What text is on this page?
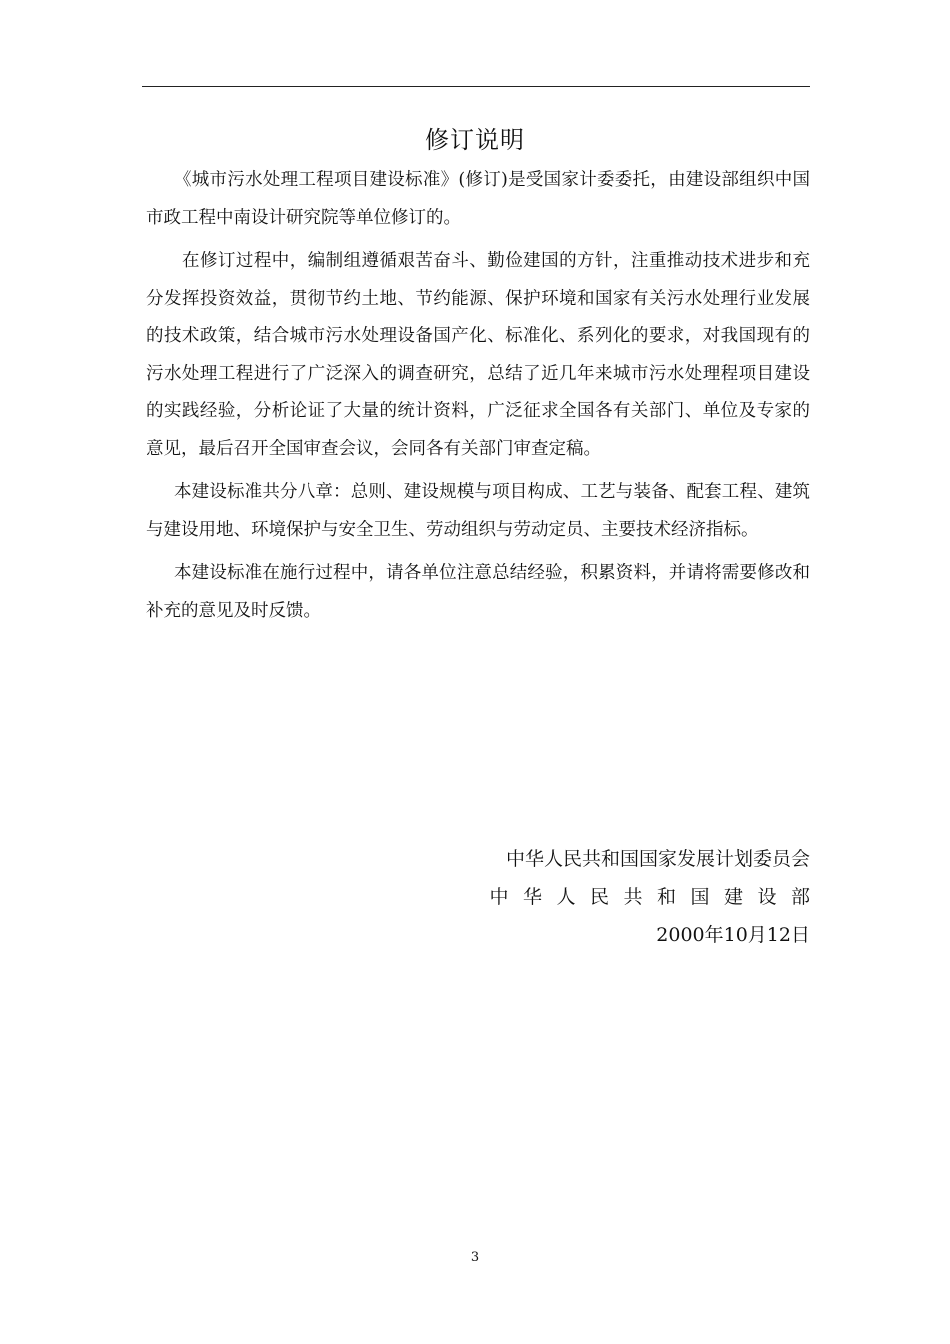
修订说明

《城市污水处理工程项目建设标准》(修订)是受国家计委委托，由建设部组织中国市政工程中南设计研究院等单位修订的。

在修订过程中，编制组遵循艰苦奋斗、勤俭建国的方针，注重推动技术进步和充分发挥投资效益，贯彻节约土地、节约能源、保护环境和国家有关污水处理行业发展的技术政策，结合城市污水处理设备国产化、标准化、系列化的要求，对我国现有的污水处理工程进行了广泛深入的调查研究，总结了近几年来城市污水处理程项目建设的实践经验，分析论证了大量的统计资料，广泛征求全国各有关部门、单位及专家的意见，最后召开全国审查会议，会同各有关部门审查定稿。

本建设标准共分八章：总则、建设规模与项目构成、工艺与装备、配套工程、建筑与建设用地、环境保护与安全卫生、劳动组织与劳动定员、主要技术经济指标。

本建设标准在施行过程中，请各单位注意总结经验，积累资料，并请将需要修改和补充的意见及时反馈。

中华人民共和国国家发展计划委员会
中华人民共和国建设部
2000年10月12日
3
